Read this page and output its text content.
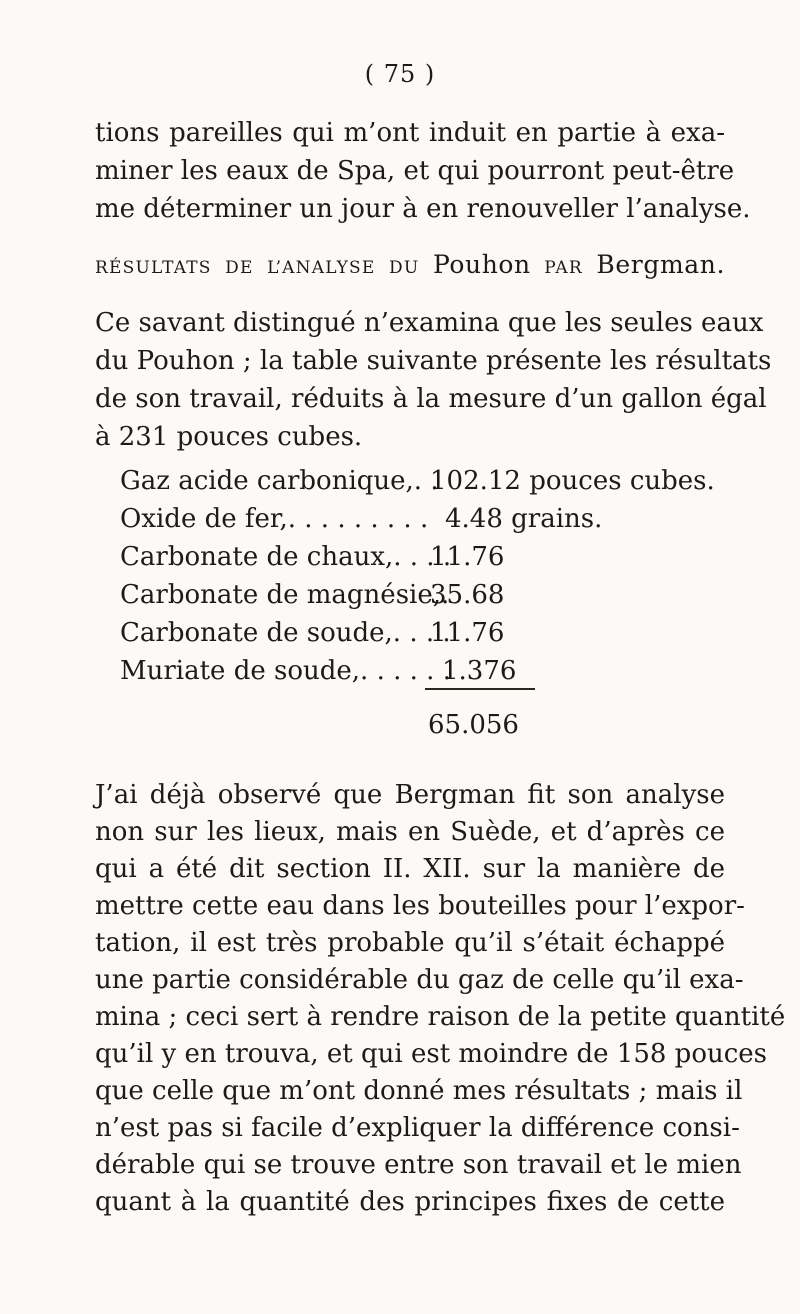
( 75 )
tions pareilles qui m’ont induit en partie à exa-
miner les eaux de Spa, et qui pourront peut-être
me déterminer un jour à en renouveller l’analyse.
RÉSULTATS DE L’ANALYSE DU Pouhon PAR Bergman.
Ce savant distingué n’examina que les seules eaux
du Pouhon ; la table suivante présente les résultats
de son travail, réduits à la mesure d’un gallon égal
à 231 pouces cubes.
Gaz acide carbonique,. .
102.12 pouces cubes.
Oxide de fer,. . . . . . . . . 4.48 grains.
Carbonate de chaux,. . . .
11.76
Carbonate de magnésie,.
35.68
Carbonate de soude,. . . .
11.76
Muriate de soude,. . . . . .
1.376
65.056
J’ai déjà observé que Bergman fit son analyse
non sur les lieux, mais en Suède, et d’après ce
qui a été dit section II. XII. sur la manière de
mettre cette eau dans les bouteilles pour l’expor-
tation, il est très probable qu’il s’était échappé
une partie considérable du gaz de celle qu’il exa-
mina ; ceci sert à rendre raison de la petite quantité
qu’il y en trouva, et qui est moindre de 158 pouces
que celle que m’ont donné mes résultats ; mais il
n’est pas si facile d’expliquer la différence consi-
dérable qui se trouve entre son travail et le mien
quant à la quantité des principes fixes de cette
